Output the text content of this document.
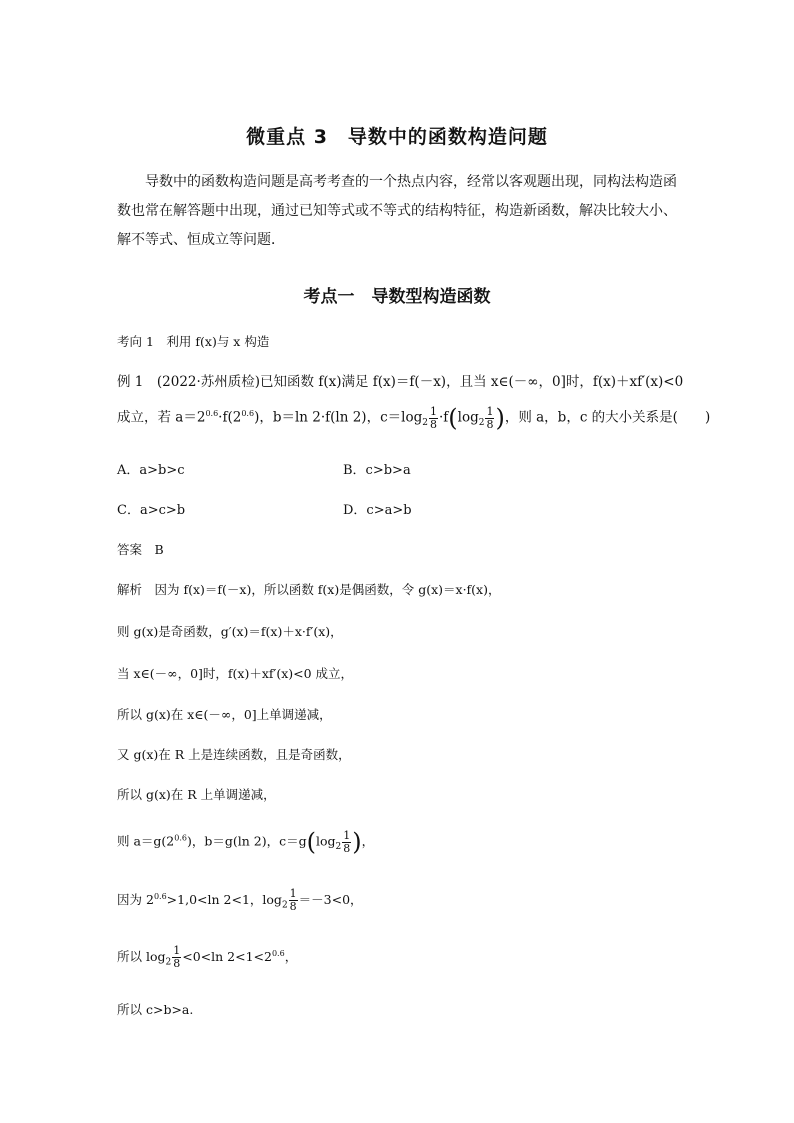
微重点 3　导数中的函数构造问题

导数中的函数构造问题是高考考查的一个热点内容，经常以客观题出现，同构法构造函数也常在解答题中出现，通过已知等式或不等式的结构特征，构造新函数，解决比较大小、解不等式、恒成立等问题．

考点一　导数型构造函数
考向 1　利用 f(x)与 x 构造
例 1　(2022·苏州质检)已知函数 f(x)满足 f(x)＝f(－x)，且当 x∈(－∞，0]时，f(x)＋xf′(x)<0
成立，若 $a=2^{0.6}\cdot f(2^{0.6})$，b＝ln 2·f(ln 2)，$c=\log_2 \frac{1}{8} \cdot f(\log_2 \frac{1}{8}$ )，则 a，b，c 的大小关系是(　　)
A．a>b>c	B．c>b>a
C．a>c>b	D．c>a>b
答案　B
解析　因为 f(x)＝f(－x)，所以函数 f(x)是偶函数，令 g(x)＝x·f(x)，
则 g(x)是奇函数，g′(x)＝f(x)＋x·f′(x)，
当 x∈(－∞，0]时，f(x)＋xf′(x)<0 成立，
所以 g(x)在 x∈(－∞，0]上单调递减，
又 g(x)在 R 上是连续函数，且是奇函数，
所以 g(x)在 R 上单调递减，
则 $a=g(2^{0.6})$，b＝g(ln 2)，$c=g(\log_2 \frac{1}{8}$ )，
因为 $2^{0.6}>1,0<\ln$ 2<1，$\log_2 \frac{1}{8} =-3<0$，
所以 $\log_2 \frac{1}{8} <0<\ln$ $2<1<2^{0.6}$，
所以 c>b>a.
